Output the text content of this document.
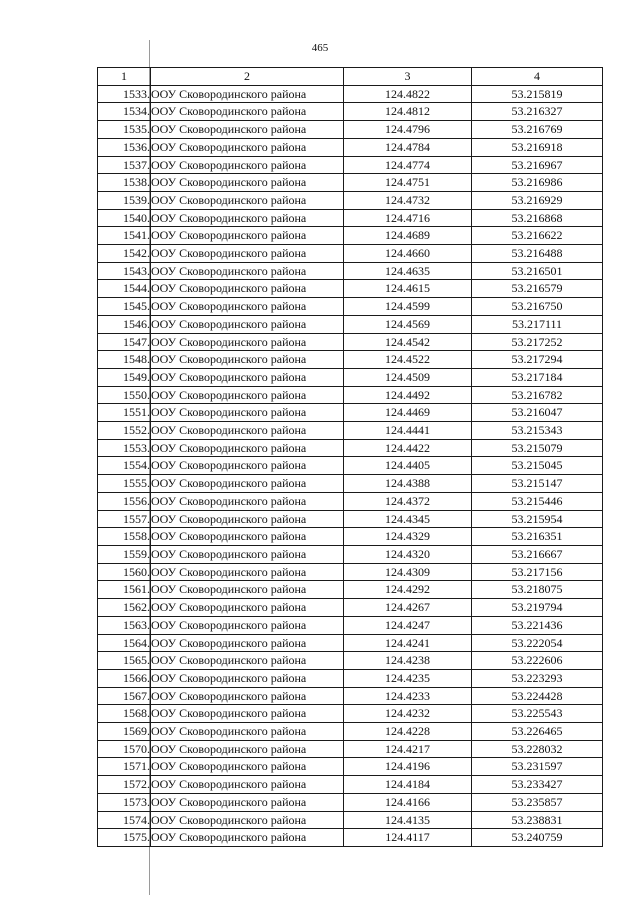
465
1	2	3	4
1533.	ООУ Сковородинского района	124.4822	53.215819
1534.	ООУ Сковородинского района	124.4812	53.216327
1535.	ООУ Сковородинского района	124.4796	53.216769
1536.	ООУ Сковородинского района	124.4784	53.216918
1537.	ООУ Сковородинского района	124.4774	53.216967
1538.	ООУ Сковородинского района	124.4751	53.216986
1539.	ООУ Сковородинского района	124.4732	53.216929
1540.	ООУ Сковородинского района	124.4716	53.216868
1541.	ООУ Сковородинского района	124.4689	53.216622
1542.	ООУ Сковородинского района	124.4660	53.216488
1543.	ООУ Сковородинского района	124.4635	53.216501
1544.	ООУ Сковородинского района	124.4615	53.216579
1545.	ООУ Сковородинского района	124.4599	53.216750
1546.	ООУ Сковородинского района	124.4569	53.217111
1547.	ООУ Сковородинского района	124.4542	53.217252
1548.	ООУ Сковородинского района	124.4522	53.217294
1549.	ООУ Сковородинского района	124.4509	53.217184
1550.	ООУ Сковородинского района	124.4492	53.216782
1551.	ООУ Сковородинского района	124.4469	53.216047
1552.	ООУ Сковородинского района	124.4441	53.215343
1553.	ООУ Сковородинского района	124.4422	53.215079
1554.	ООУ Сковородинского района	124.4405	53.215045
1555.	ООУ Сковородинского района	124.4388	53.215147
1556.	ООУ Сковородинского района	124.4372	53.215446
1557.	ООУ Сковородинского района	124.4345	53.215954
1558.	ООУ Сковородинского района	124.4329	53.216351
1559.	ООУ Сковородинского района	124.4320	53.216667
1560.	ООУ Сковородинского района	124.4309	53.217156
1561.	ООУ Сковородинского района	124.4292	53.218075
1562.	ООУ Сковородинского района	124.4267	53.219794
1563.	ООУ Сковородинского района	124.4247	53.221436
1564.	ООУ Сковородинского района	124.4241	53.222054
1565.	ООУ Сковородинского района	124.4238	53.222606
1566.	ООУ Сковородинского района	124.4235	53.223293
1567.	ООУ Сковородинского района	124.4233	53.224428
1568.	ООУ Сковородинского района	124.4232	53.225543
1569.	ООУ Сковородинского района	124.4228	53.226465
1570.	ООУ Сковородинского района	124.4217	53.228032
1571.	ООУ Сковородинского района	124.4196	53.231597
1572.	ООУ Сковородинского района	124.4184	53.233427
1573.	ООУ Сковородинского района	124.4166	53.235857
1574.	ООУ Сковородинского района	124.4135	53.238831
1575.	ООУ Сковородинского района	124.4117	53.240759
